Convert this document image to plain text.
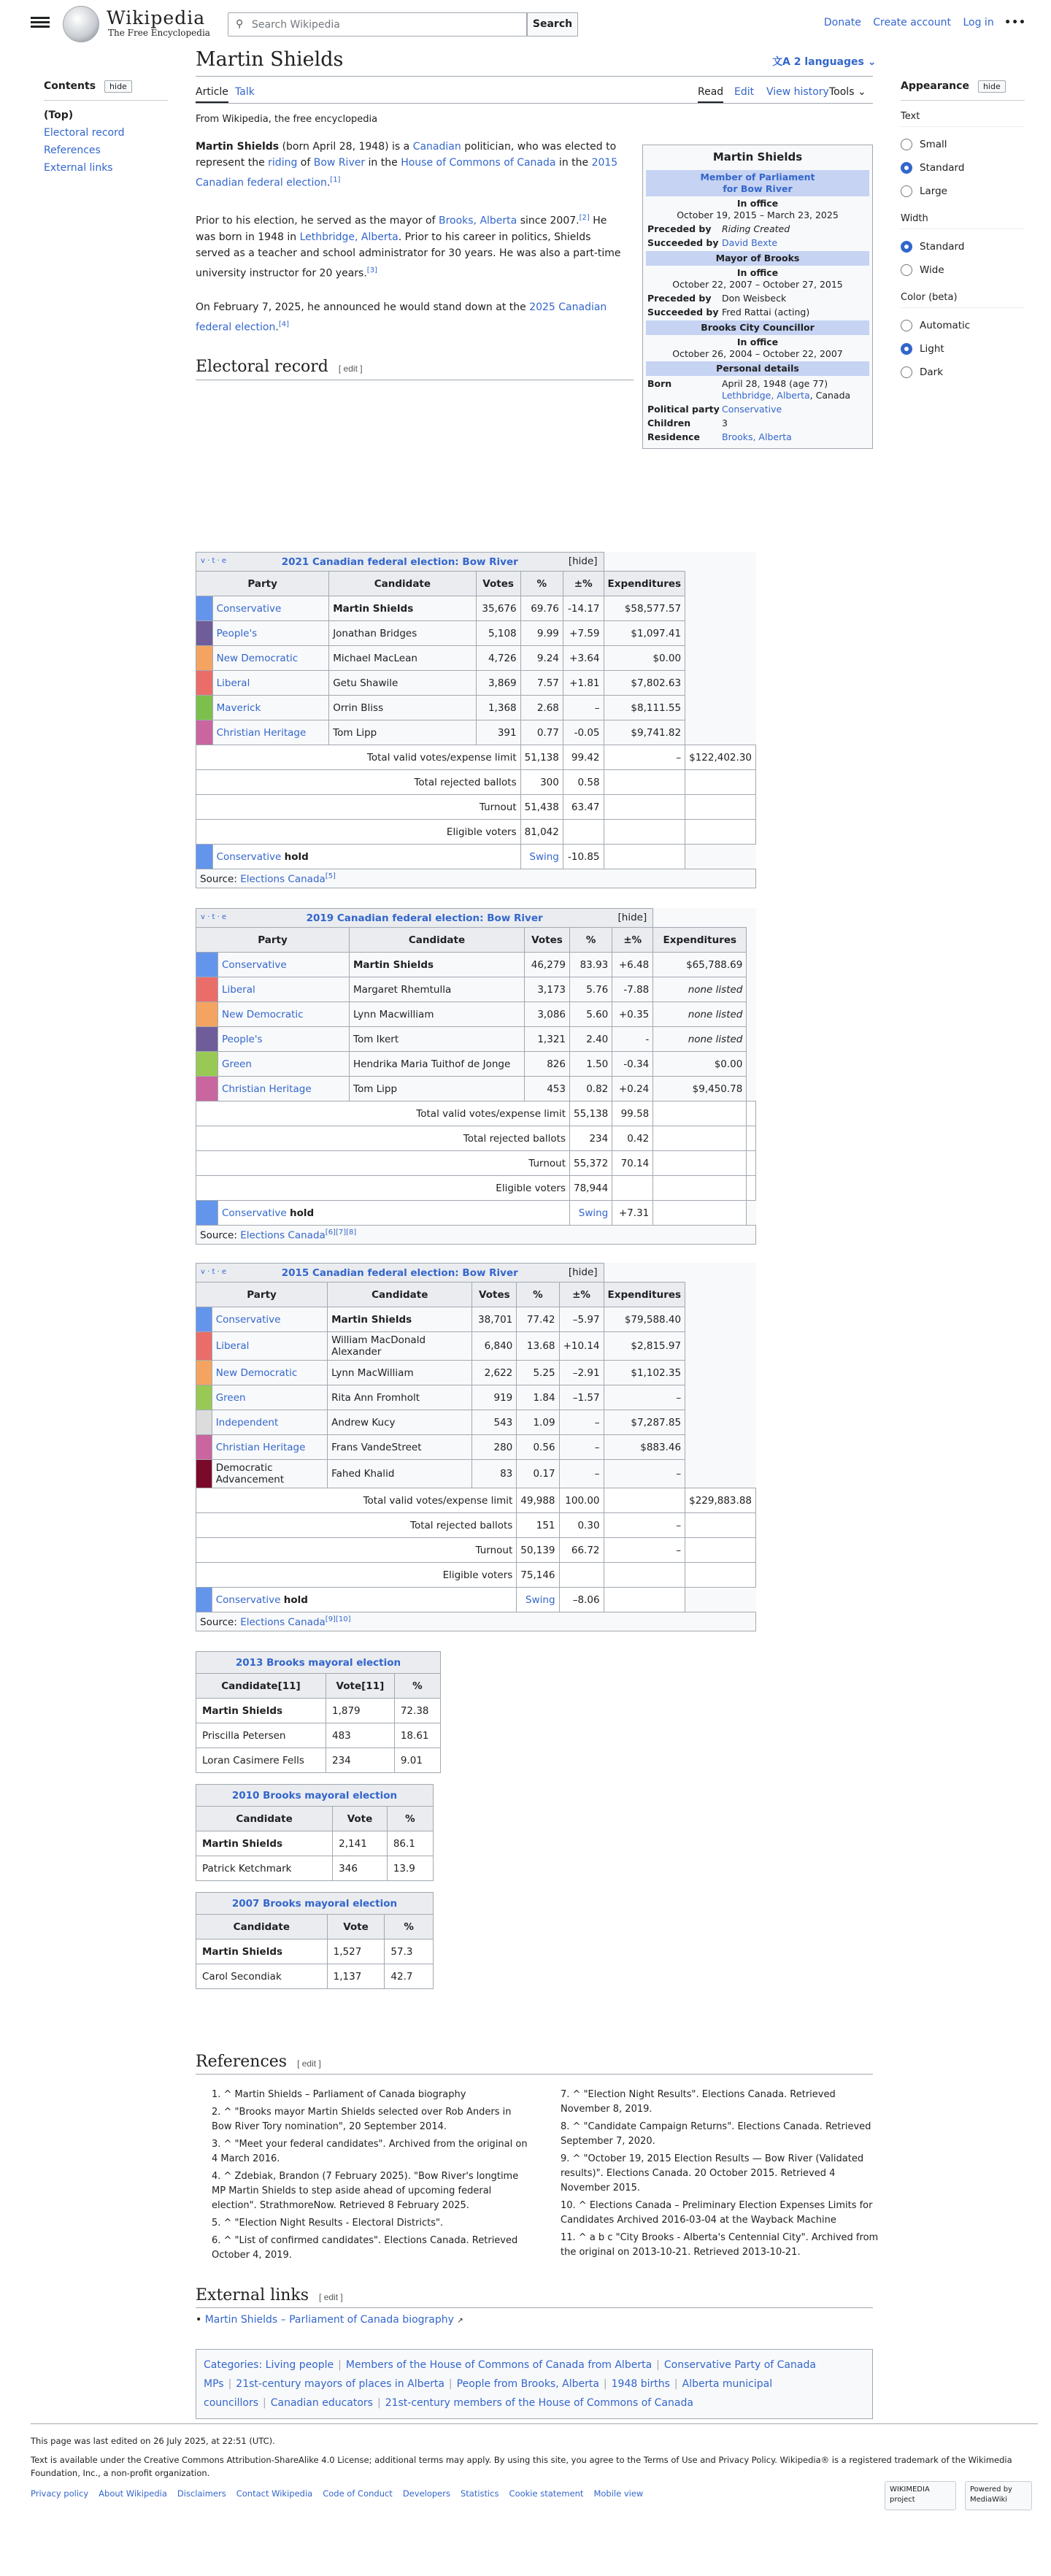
Wikipedia
The Free Encyclopedia
⚲ Search Wikipedia	Search	Donate Create account Log in •••
Contents hide
(Top)
Electoral record
References
External links
Martin Shields	文A 2 languages ⌄
Article Talk	Read Edit View history Tools ⌄
From Wikipedia, the free encyclopedia

Martin Shields (born April 28, 1948) is a Canadian politician, who was elected to represent the riding of Bow River in the House of Commons of Canada in the 2015 Canadian federal election.[1]

Prior to his election, he served as the mayor of Brooks, Alberta since 2007.[2] He was born in 1948 in Lethbridge, Alberta. Prior to his career in politics, Shields served as a teacher and school administrator for 30 years. He was also a part-time university instructor for 20 years.[3]

On February 7, 2025, he announced he would stand down at the 2025 Canadian federal election.[4]

Electoral record [ edit ]
Martin Shields
Member of Parliament
for Bow River
In office
October 19, 2015 – March 23, 2025
Preceded by	Riding Created
Succeeded by David Bexte
Mayor of Brooks
In office
October 22, 2007 – October 27, 2015
Preceded by	Don Weisbeck
Succeeded by Fred Rattai (acting)
Brooks City Councillor
In office
October 26, 2004 – October 22, 2007
Personal details
Born	April 28, 1948 (age 77)
Lethbridge, Alberta, Canada
Political party Conservative
Children	3
Residence	Brooks, Alberta
v · t · e 2021 Canadian federal election: Bow River [hide]							

Party		Candidate	Votes	%	±%	Expenditures	
	Conservative	Martin Shields	35,676	69.76	-14.17	$58,577.57	
	People's	Jonathan Bridges	5,108	9.99	+7.59	$1,097.41	
	New Democratic	Michael MacLean	4,726	9.24	+3.64	$0.00	
	Liberal	Getu Shawile	3,869	7.57	+1.81	$7,802.63	
	Maverick	Orrin Bliss	1,368	2.68	–	$8,111.55	
	Christian Heritage	Tom Lipp	391	0.77	-0.05	$9,741.82	
Total valid votes/expense limit				51,138	99.42	–	$122,402.30
Total rejected ballots				300	0.58		
Turnout				51,438	63.47		
Eligible voters				81,042			
	Conservative hold			Swing	-10.85		
Source: Elections Canada[5]
v · t · e 2019 Canadian federal election: Bow River [hide]							

Party		Candidate	Votes	%	±%	Expenditures	
	Conservative	Martin Shields	46,279	83.93	+6.48	$65,788.69	
	Liberal	Margaret Rhemtulla	3,173	5.76	-7.88	none listed	
	New Democratic	Lynn Macwilliam	3,086	5.60	+0.35	none listed	
	People's	Tom Ikert	1,321	2.40	-	none listed	
	Green	Hendrika Maria Tuithof de Jonge	826	1.50	-0.34	$0.00	
	Christian Heritage	Tom Lipp	453	0.82	+0.24	$9,450.78	
Total valid votes/expense limit				55,138	99.58		
Total rejected ballots				234	0.42		
Turnout				55,372	70.14		
Eligible voters				78,944			
	Conservative hold			Swing	+7.31		
Source: Elections Canada[6][7][8]
v · t · e 2015 Canadian federal election: Bow River [hide]							

Party		Candidate	Votes	%	±%	Expenditures	
	Conservative	Martin Shields	38,701	77.42	–5.97	$79,588.40	
	Liberal	William MacDonald Alexander	6,840	13.68	+10.14	$2,815.97	
	New Democratic	Lynn MacWilliam	2,622	5.25	–2.91	$1,102.35	
	Green	Rita Ann Fromholt	919	1.84	–1.57	–	
	Independent	Andrew Kucy	543	1.09	–	$7,287.85	
	Christian Heritage	Frans VandeStreet	280	0.56	–	$883.46	
	Democratic Advancement	Fahed Khalid	83	0.17	–	–	
Total valid votes/expense limit				49,988	100.00		$229,883.88
Total rejected ballots				151	0.30	–	
Turnout				50,139	66.72	–	
Eligible voters				75,146			
	Conservative hold			Swing	–8.06		
Source: Elections Canada[9][10]
2013 Brooks mayoral election		
Candidate[11]	Vote[11]	%
Martin Shields	1,879	72.38
Priscilla Petersen	483	18.61
Loran Casimere Fells	234	9.01
2010 Brooks mayoral election		
Candidate	Vote	%
Martin Shields	2,141	86.1
Patrick Ketchmark	346	13.9
2007 Brooks mayoral election		
Candidate	Vote	%
Martin Shields	1,527	57.3
Carol Secondiak	1,137	42.7
References [ edit ]
1. ^ Martin Shields – Parliament of Canada biography
2. ^ "Brooks mayor Martin Shields selected over Rob Anders in Bow River Tory nomination", 20 September 2014.
3. ^ "Meet your federal candidates". Archived from the original on 4 March 2016.
4. ^ Zdebiak, Brandon (7 February 2025). "Bow River's longtime MP Martin Shields to step aside ahead of upcoming federal election". StrathmoreNow. Retrieved 8 February 2025.
5. ^ "Election Night Results - Electoral Districts".
6. ^ "List of confirmed candidates". Elections Canada. Retrieved October 4, 2019.
7. ^ "Election Night Results". Elections Canada. Retrieved November 8, 2019.
8. ^ "Candidate Campaign Returns". Elections Canada. Retrieved September 7, 2020.
9. ^ "October 19, 2015 Election Results — Bow River (Validated results)". Elections Canada. 20 October 2015. Retrieved 4 November 2015.
10. ^ Elections Canada – Preliminary Election Expenses Limits for Candidates Archived 2016-03-04 at the Wayback Machine
11. ^ a b c "City Brooks - Alberta's Centennial City". Archived from the original on 2013-10-21. Retrieved 2013-10-21.
External links [ edit ]
• Martin Shields – Parliament of Canada biography ↗
Categories: Living people | Members of the House of Commons of Canada from Alberta | Conservative Party of Canada MPs | 21st-century mayors of places in Alberta | People from Brooks, Alberta | 1948 births | Alberta municipal councillors | Canadian educators | 21st-century members of the House of Commons of Canada
Appearance hide
Text
Small
Standard
Large
Width
Standard
Wide
Color (beta)
Automatic
Light
Dark
This page was last edited on 26 July 2025, at 22:51 (UTC).
Text is available under the Creative Commons Attribution-ShareAlike 4.0 License; additional terms may apply. By using this site, you agree to the Terms of Use and Privacy Policy. Wikipedia® is a registered trademark of the Wikimedia Foundation, Inc., a non-profit organization.
Privacy policy About Wikipedia Disclaimers Contact Wikipedia Code of Conduct Developers Statistics Cookie statement Mobile view	WIKIMEDIA project
Powered by MediaWiki
